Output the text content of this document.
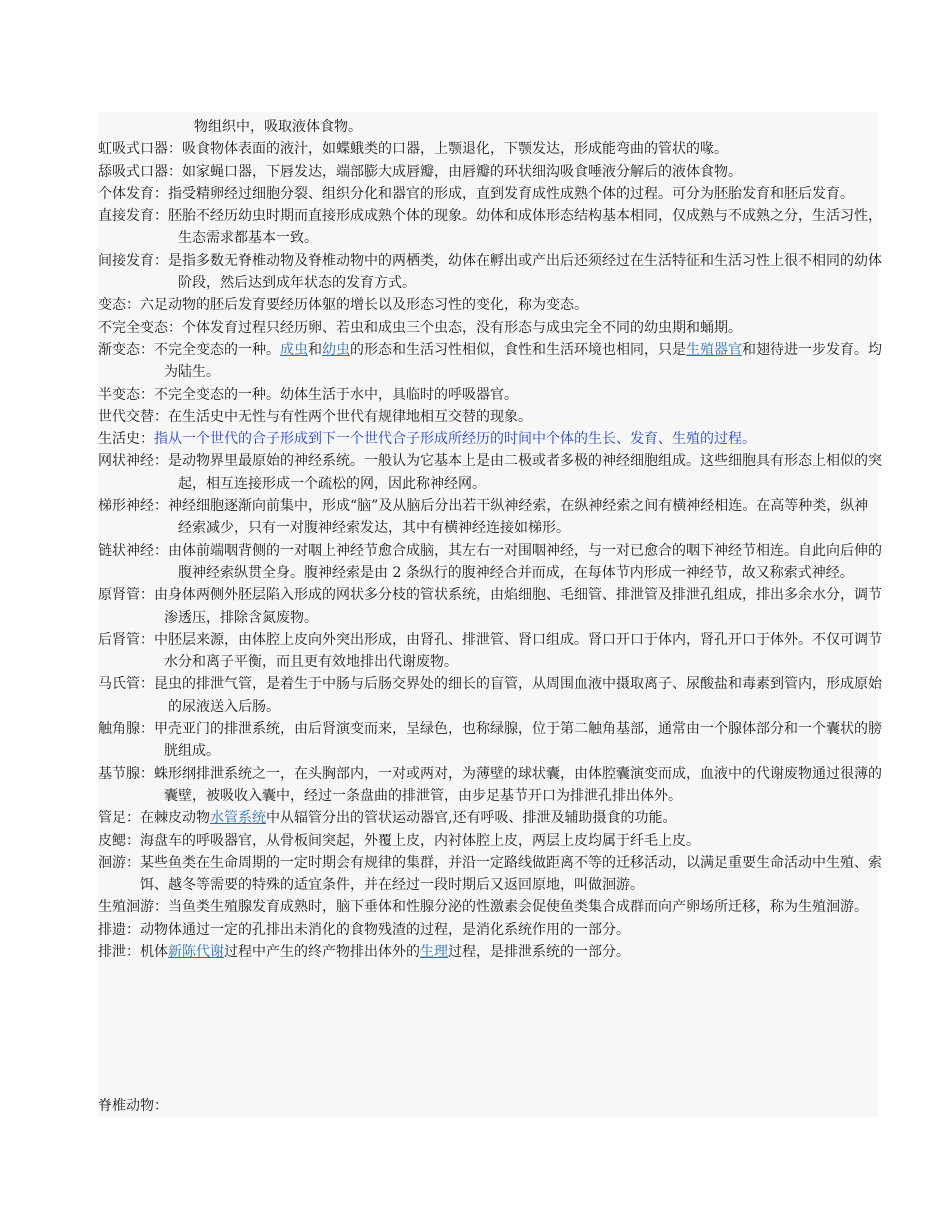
物组织中，吸取液体食物。
虹吸式口器：吸食物体表面的液汁，如蝶蛾类的口器，上颚退化，下颚发达，形成能弯曲的管状的喙。
舔吸式口器：如家蝇口器，下唇发达，端部膨大成唇瓣，由唇瓣的环状细沟吸食唾液分解后的液体食物。
个体发育：指受精卵经过细胞分裂、组织分化和器官的形成，直到发育成性成熟个体的过程。可分为胚胎发育和胚后发育。
直接发育：胚胎不经历幼虫时期而直接形成成熟个体的现象。幼体和成体形态结构基本相同，仅成熟与不成熟之分，生活习性，生态需求都基本一致。
间接发育：是指多数无脊椎动物及脊椎动物中的两栖类，幼体在孵出或产出后还须经过在生活特征和生活习性上很不相同的幼体阶段，然后达到成年状态的发育方式。
变态：六足动物的胚后发育要经历体躯的增长以及形态习性的变化，称为变态。
不完全变态：个体发育过程只经历卵、若虫和成虫三个虫态，没有形态与成虫完全不同的幼虫期和蛹期。
渐变态：不完全变态的一种。成虫和幼虫的形态和生活习性相似，食性和生活环境也相同，只是生殖器官和翅待进一步发育。均为陆生。
半变态：不完全变态的一种。幼体生活于水中，具临时的呼吸器官。
世代交替：在生活史中无性与有性两个世代有规律地相互交替的现象。
生活史：指从一个世代的合子形成到下一个世代合子形成所经历的时间中个体的生长、发育、生殖的过程。
网状神经：是动物界里最原始的神经系统。一般认为它基本上是由二极或者多极的神经细胞组成。这些细胞具有形态上相似的突起，相互连接形成一个疏松的网，因此称神经网。
梯形神经：神经细胞逐渐向前集中，形成“脑”及从脑后分出若干纵神经索，在纵神经索之间有横神经相连。在高等种类，纵神经索减少，只有一对腹神经索发达，其中有横神经连接如梯形。
链状神经：由体前端咽背侧的一对咽上神经节愈合成脑，其左右一对围咽神经，与一对已愈合的咽下神经节相连。自此向后伸的腹神经索纵贯全身。腹神经索是由 2 条纵行的腹神经合并而成，在每体节内形成一神经节，故又称索式神经。
原肾管：由身体两侧外胚层陷入形成的网状多分枝的管状系统，由焰细胞、毛细管、排泄管及排泄孔组成，排出多余水分，调节渗透压，排除含氮废物。
后肾管：中胚层来源，由体腔上皮向外突出形成，由肾孔、排泄管、肾口组成。肾口开口于体内，肾孔开口于体外。不仅可调节水分和离子平衡，而且更有效地排出代谢废物。
马氏管：昆虫的排泄气管，是着生于中肠与后肠交界处的细长的盲管，从周围血液中摄取离子、尿酸盐和毒素到管内，形成原始的尿液送入后肠。
触角腺：甲壳亚门的排泄系统，由后肾演变而来，呈绿色，也称绿腺，位于第二触角基部，通常由一个腺体部分和一个囊状的膀胱组成。
基节腺：蛛形纲排泄系统之一，在头胸部内，一对或两对，为薄壁的球状囊，由体腔囊演变而成，血液中的代谢废物通过很薄的囊壁，被吸收入囊中，经过一条盘曲的排泄管，由步足基节开口为排泄孔排出体外。
管足：在棘皮动物水管系统中从辐管分出的管状运动器官,还有呼吸、排泄及辅助摄食的功能。
皮鳃：海盘车的呼吸器官，从骨板间突起，外覆上皮，内衬体腔上皮，两层上皮均属于纤毛上皮。
洄游：某些鱼类在生命周期的一定时期会有规律的集群，并沿一定路线做距离不等的迁移活动，以满足重要生命活动中生殖、索饵、越冬等需要的特殊的适宜条件，并在经过一段时期后又返回原地，叫做洄游。
生殖洄游：当鱼类生殖腺发育成熟时，脑下垂体和性腺分泌的性激素会促使鱼类集合成群而向产卵场所迁移，称为生殖洄游。
排遗：动物体通过一定的孔排出未消化的食物残渣的过程，是消化系统作用的一部分。
排泄：机体新陈代谢过程中产生的终产物排出体外的生理过程，是排泄系统的一部分。
脊椎动物：
